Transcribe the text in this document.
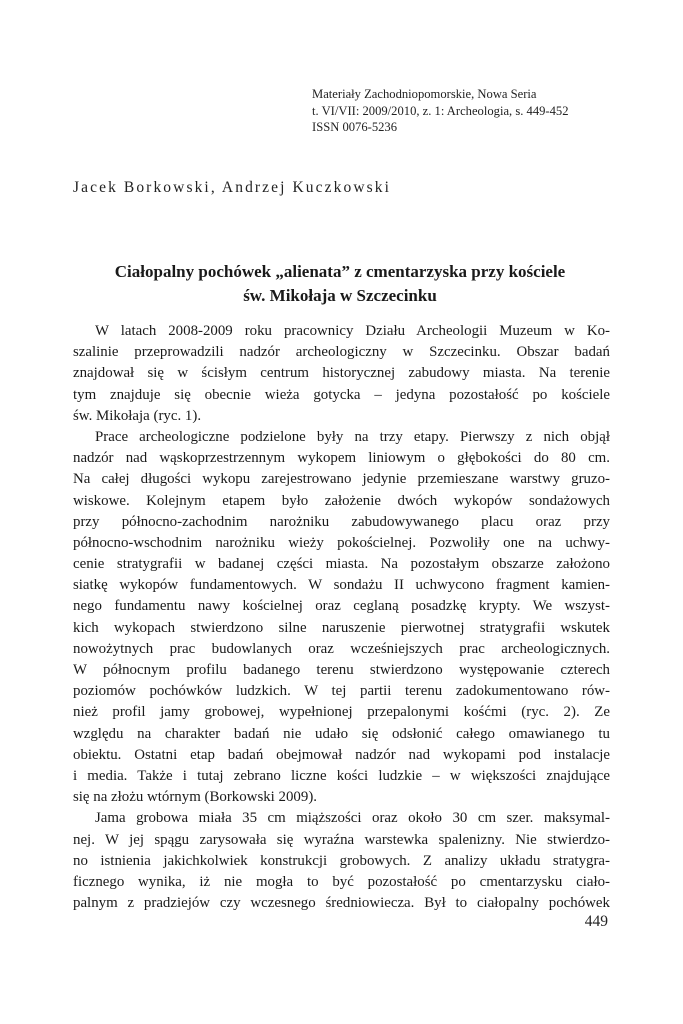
Materiały Zachodniopomorskie, Nowa Seria
t. VI/VII: 2009/2010, z. 1: Archeologia, s. 449-452
ISSN 0076-5236
Jacek Borkowski, Andrzej Kuczkowski
Ciałopalny pochówek „alienata” z cmentarzyska przy kościele
św. Mikołaja w Szczecinku
W latach 2008-2009 roku pracownicy Działu Archeologii Muzeum w Ko-
szalinie przeprowadzili nadzór archeologiczny w Szczecinku. Obszar badań
znajdował się w ścisłym centrum historycznej zabudowy miasta. Na terenie
tym znajduje się obecnie wieża gotycka – jedyna pozostałość po kościele
św. Mikołaja (ryc. 1).
Prace archeologiczne podzielone były na trzy etapy. Pierwszy z nich objął
nadzór nad wąskoprzestrzennym wykopem liniowym o głębokości do 80 cm.
Na całej długości wykopu zarejestrowano jedynie przemieszane warstwy gruzo-
wiskowe. Kolejnym etapem było założenie dwóch wykopów sondażowych
przy północno-zachodnim narożniku zabudowywanego placu oraz przy
północno-wschodnim narożniku wieży pokościelnej. Pozwoliły one na uchwy-
cenie stratygrafii w badanej części miasta. Na pozostałym obszarze założono
siatkę wykopów fundamentowych. W sondażu II uchwycono fragment kamien-
nego fundamentu nawy kościelnej oraz ceglaną posadzkę krypty. We wszyst-
kich wykopach stwierdzono silne naruszenie pierwotnej stratygrafii wskutek
nowożytnych prac budowlanych oraz wcześniejszych prac archeologicznych.
W północnym profilu badanego terenu stwierdzono występowanie czterech
poziomów pochówków ludzkich. W tej partii terenu zadokumentowano rów-
nież profil jamy grobowej, wypełnionej przepalonymi kośćmi (ryc. 2). Ze
względu na charakter badań nie udało się odsłonić całego omawianego tu
obiektu. Ostatni etap badań obejmował nadzór nad wykopami pod instalacje
i media. Także i tutaj zebrano liczne kości ludzkie – w większości znajdujące
się na złożu wtórnym (Borkowski 2009).
Jama grobowa miała 35 cm miąższości oraz około 30 cm szer. maksymal-
nej. W jej spągu zarysowała się wyraźna warstewka spalenizny. Nie stwierdzo-
no istnienia jakichkolwiek konstrukcji grobowych. Z analizy układu stratygra-
ficznego wynika, iż nie mogła to być pozostałość po cmentarzysku ciało-
palnym z pradziejów czy wczesnego średniowiecza. Był to ciałopalny pochówek
449
